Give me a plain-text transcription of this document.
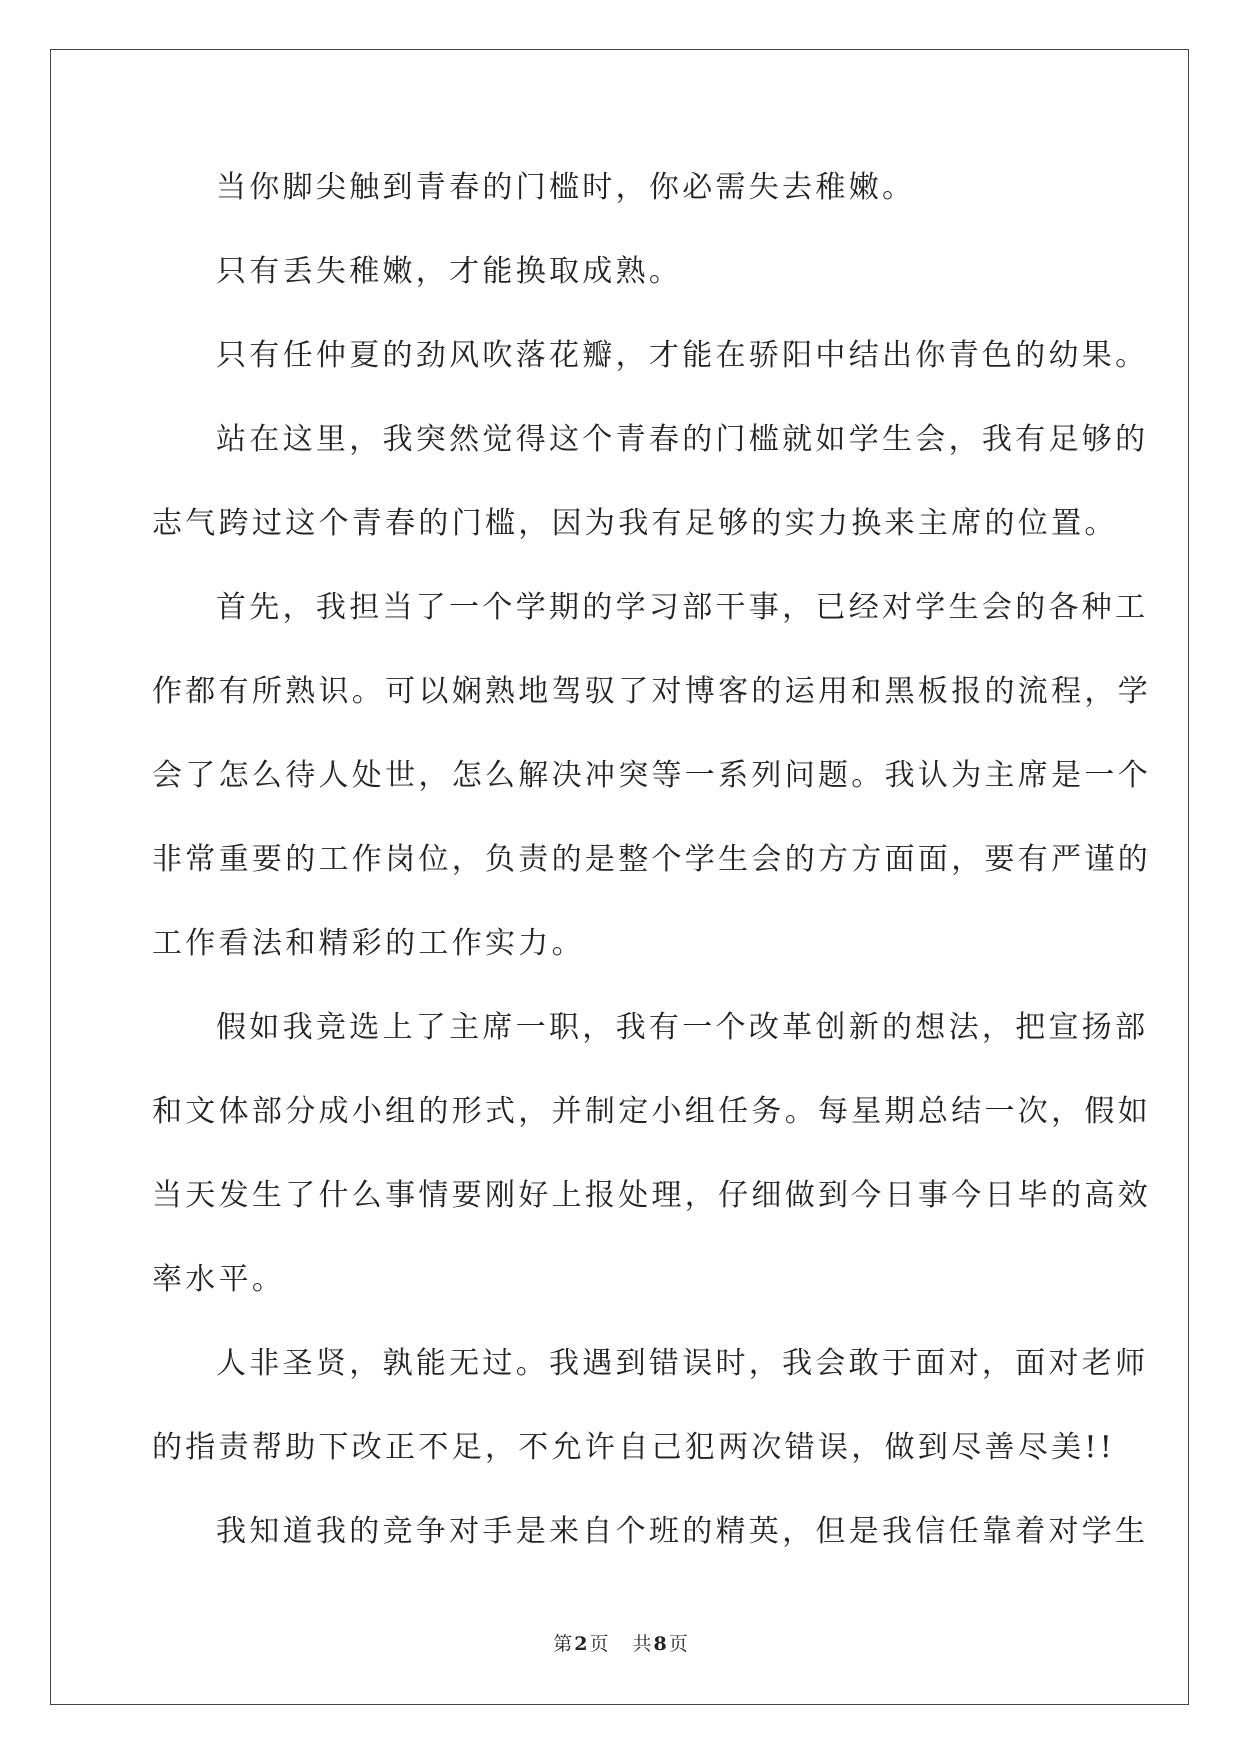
当你脚尖触到青春的门槛时，你必需失去稚嫩。
只有丢失稚嫩，才能换取成熟。
只有任仲夏的劲风吹落花瓣，才能在骄阳中结出你青色的幼果。
站在这里，我突然觉得这个青春的门槛就如学生会，我有足够的
志气跨过这个青春的门槛，因为我有足够的实力换来主席的位置。
首先，我担当了一个学期的学习部干事，已经对学生会的各种工
作都有所熟识。可以娴熟地驾驭了对博客的运用和黑板报的流程，学
会了怎么待人处世，怎么解决冲突等一系列问题。我认为主席是一个
非常重要的工作岗位，负责的是整个学生会的方方面面，要有严谨的
工作看法和精彩的工作实力。
假如我竞选上了主席一职，我有一个改革创新的想法，把宣扬部
和文体部分成小组的形式，并制定小组任务。每星期总结一次，假如
当天发生了什么事情要刚好上报处理，仔细做到今日事今日毕的高效
率水平。
人非圣贤，孰能无过。我遇到错误时，我会敢于面对，面对老师
的指责帮助下改正不足，不允许自己犯两次错误，做到尽善尽美!!
我知道我的竞争对手是来自个班的精英，但是我信任靠着对学生
第 2 页 共 8 页
